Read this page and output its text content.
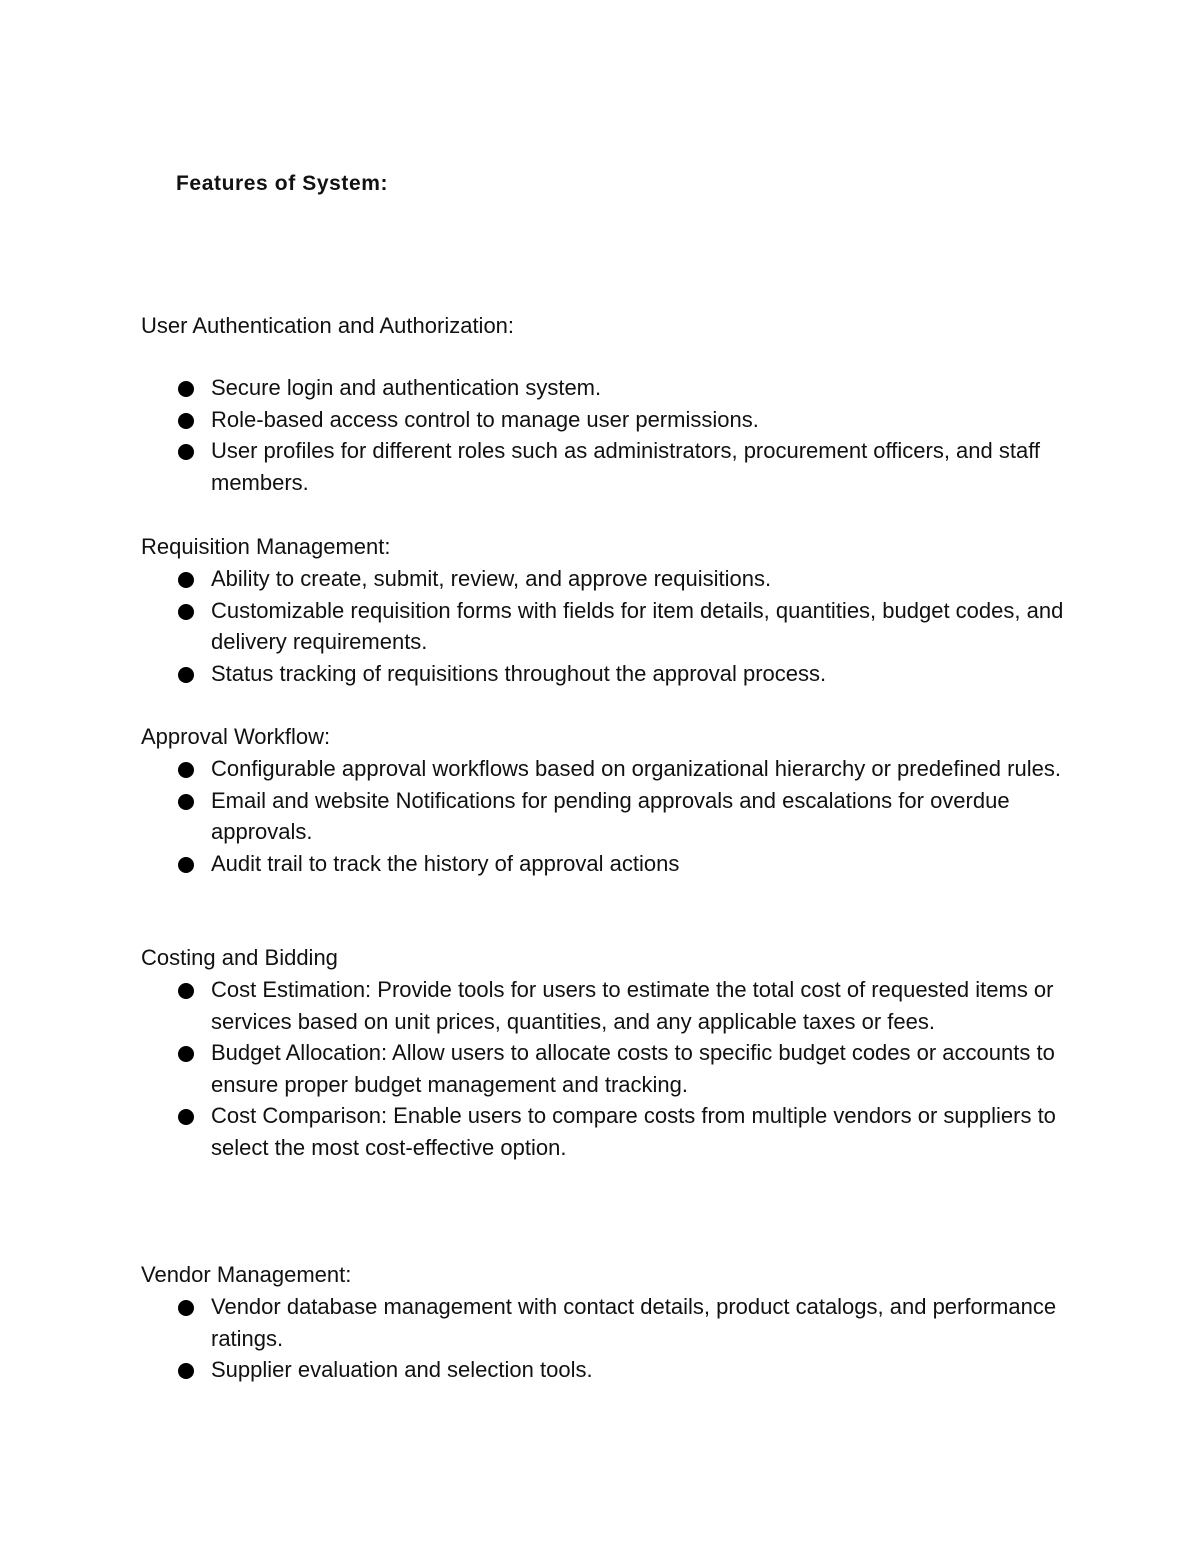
Features of System:
User Authentication and Authorization:
Secure login and authentication system.
Role-based access control to manage user permissions.
User profiles for different roles such as administrators, procurement officers, and staff members.
Requisition Management:
Ability to create, submit, review, and approve requisitions.
Customizable requisition forms with fields for item details, quantities, budget codes, and delivery requirements.
Status tracking of requisitions throughout the approval process.
Approval Workflow:
Configurable approval workflows based on organizational hierarchy or predefined rules.
Email and website Notifications for pending approvals and escalations for overdue approvals.
Audit trail to track the history of approval actions
Costing and Bidding
Cost Estimation: Provide tools for users to estimate the total cost of requested items or services based on unit prices, quantities, and any applicable taxes or fees.
Budget Allocation: Allow users to allocate costs to specific budget codes or accounts to ensure proper budget management and tracking.
Cost Comparison: Enable users to compare costs from multiple vendors or suppliers to select the most cost-effective option.
Vendor Management:
Vendor database management with contact details, product catalogs, and performance ratings.
Supplier evaluation and selection tools.
